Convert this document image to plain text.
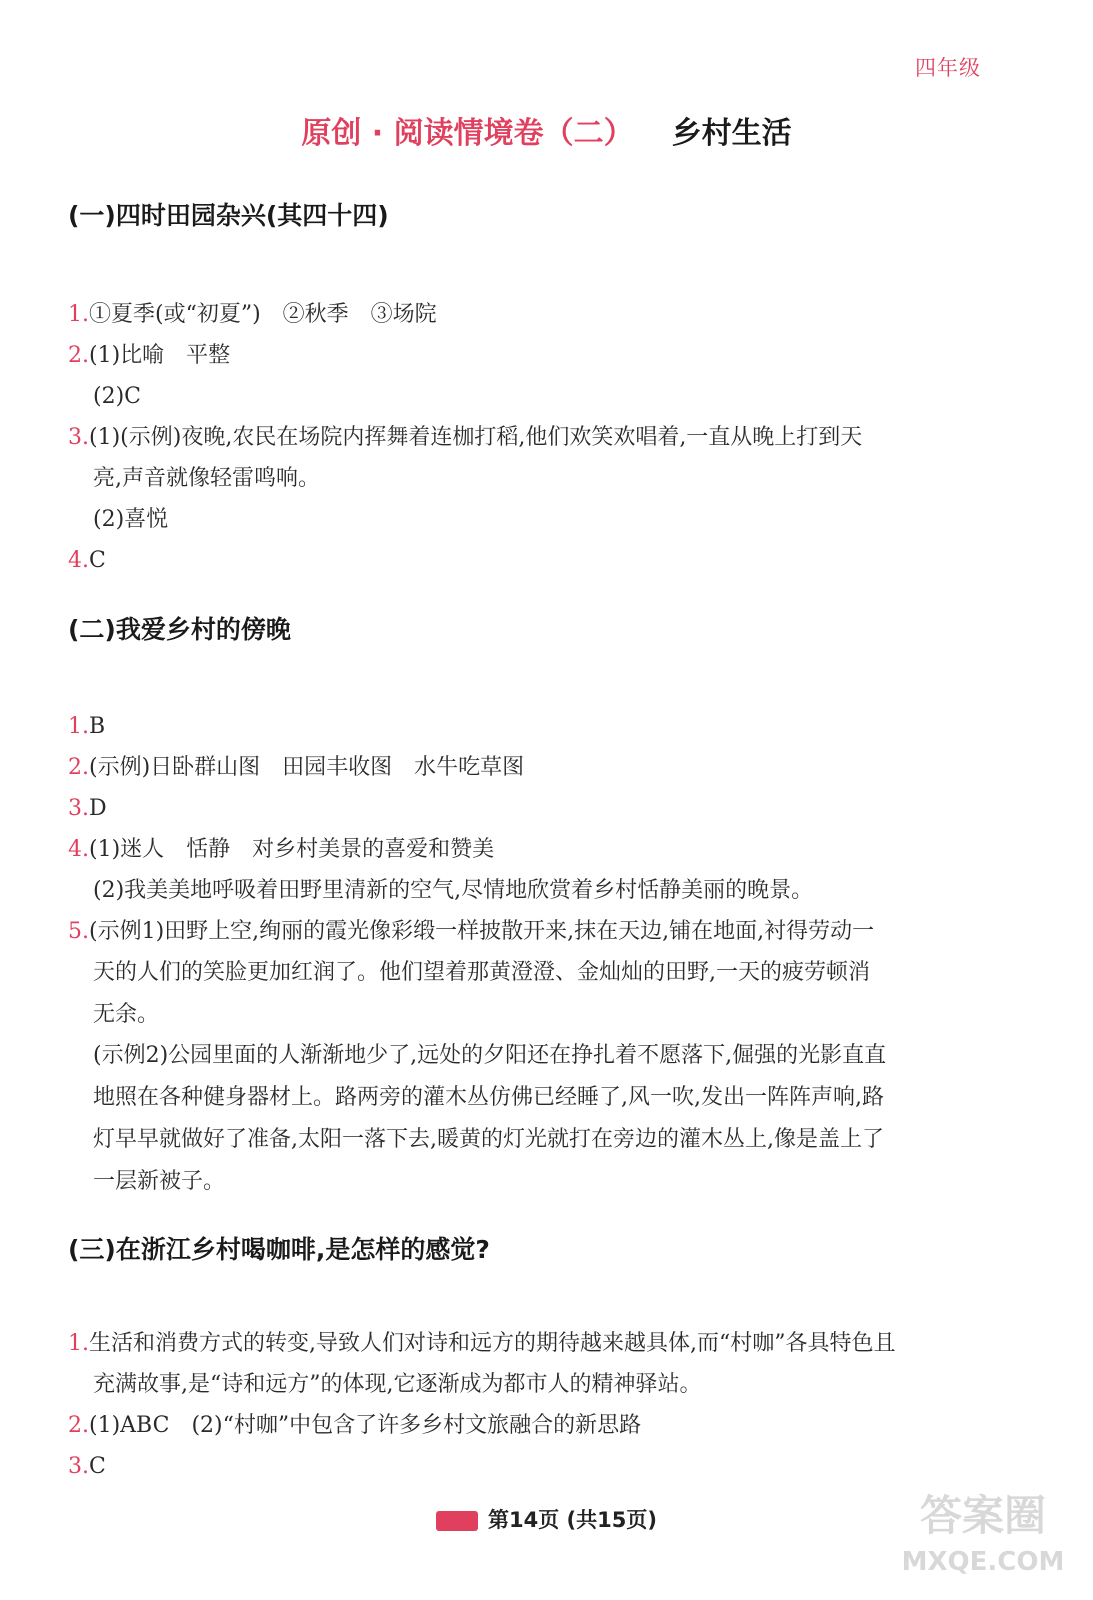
四年级
原创 · 阅读情境卷（二） 乡村生活
(一)四时田园杂兴(其四十四)
1.①夏季(或“初夏”)　②秋季　③场院
2.(1)比喻　平整
(2)C
3.(1)(示例)夜晚,农民在场院内挥舞着连枷打稻,他们欢笑欢唱着,一直从晚上打到天
亮,声音就像轻雷鸣响。
(2)喜悦
4.C
(二)我爱乡村的傍晚
1.B
2.(示例)日卧群山图　田园丰收图　水牛吃草图
3.D
4.(1)迷人　恬静　对乡村美景的喜爱和赞美
(2)我美美地呼吸着田野里清新的空气,尽情地欣赏着乡村恬静美丽的晚景。
5.(示例1)田野上空,绚丽的霞光像彩缎一样披散开来,抹在天边,铺在地面,衬得劳动一
天的人们的笑脸更加红润了。他们望着那黄澄澄、金灿灿的田野,一天的疲劳顿消
无余。
(示例2)公园里面的人渐渐地少了,远处的夕阳还在挣扎着不愿落下,倔强的光影直直
地照在各种健身器材上。路两旁的灌木丛仿佛已经睡了,风一吹,发出一阵阵声响,路
灯早早就做好了准备,太阳一落下去,暖黄的灯光就打在旁边的灌木丛上,像是盖上了
一层新被子。
(三)在浙江乡村喝咖啡,是怎样的感觉?
1.生活和消费方式的转变,导致人们对诗和远方的期待越来越具体,而“村咖”各具特色且
充满故事,是“诗和远方”的体现,它逐渐成为都市人的精神驿站。
2.(1)ABC　(2)“村咖”中包含了许多乡村文旅融合的新思路
3.C
第14页 (共15页)	答案圈
MXQE.COM
